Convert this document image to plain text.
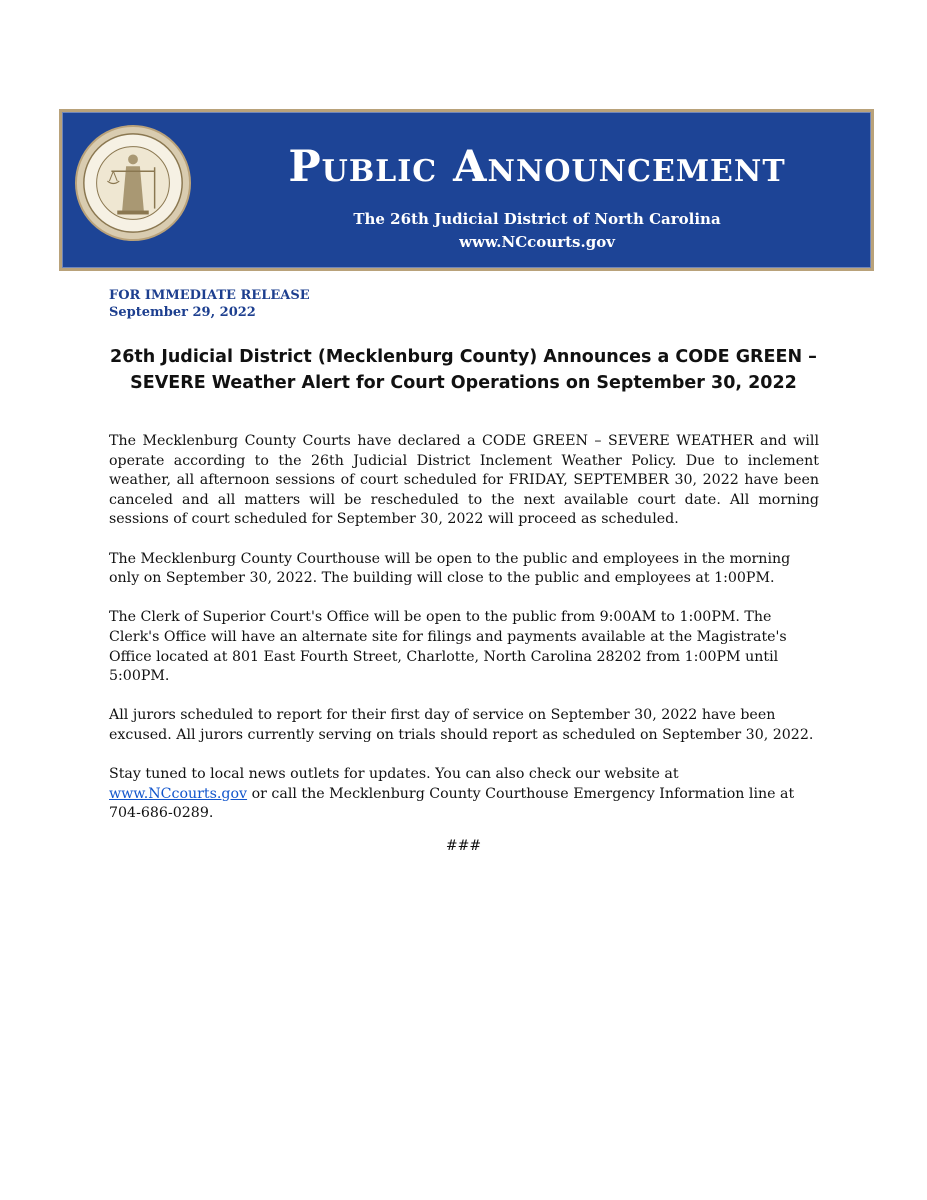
Public Announcement
The 26th Judicial District of North Carolina
www.NCcourts.gov
FOR IMMEDIATE RELEASE
September 29, 2022
26th Judicial District (Mecklenburg County) Announces a CODE GREEN –
SEVERE Weather Alert for Court Operations on September 30, 2022

The Mecklenburg County Courts have declared a CODE GREEN – SEVERE WEATHER and will operate according to the 26th Judicial District Inclement Weather Policy. Due to inclement weather, all afternoon sessions of court scheduled for FRIDAY, SEPTEMBER 30, 2022 have been canceled and all matters will be rescheduled to the next available court date. All morning sessions of court scheduled for September 30, 2022 will proceed as scheduled.

The Mecklenburg County Courthouse will be open to the public and employees in the morning only on September 30, 2022. The building will close to the public and employees at 1:00PM.

The Clerk of Superior Court's Office will be open to the public from 9:00AM to 1:00PM. The Clerk's Office will have an alternate site for filings and payments available at the Magistrate's Office located at 801 East Fourth Street, Charlotte, North Carolina 28202 from 1:00PM until 5:00PM.

All jurors scheduled to report for their first day of service on September 30, 2022 have been excused. All jurors currently serving on trials should report as scheduled on September 30, 2022.

Stay tuned to local news outlets for updates. You can also check our website at www.NCcourts.gov or call the Mecklenburg County Courthouse Emergency Information line at 704-686-0289.

###
